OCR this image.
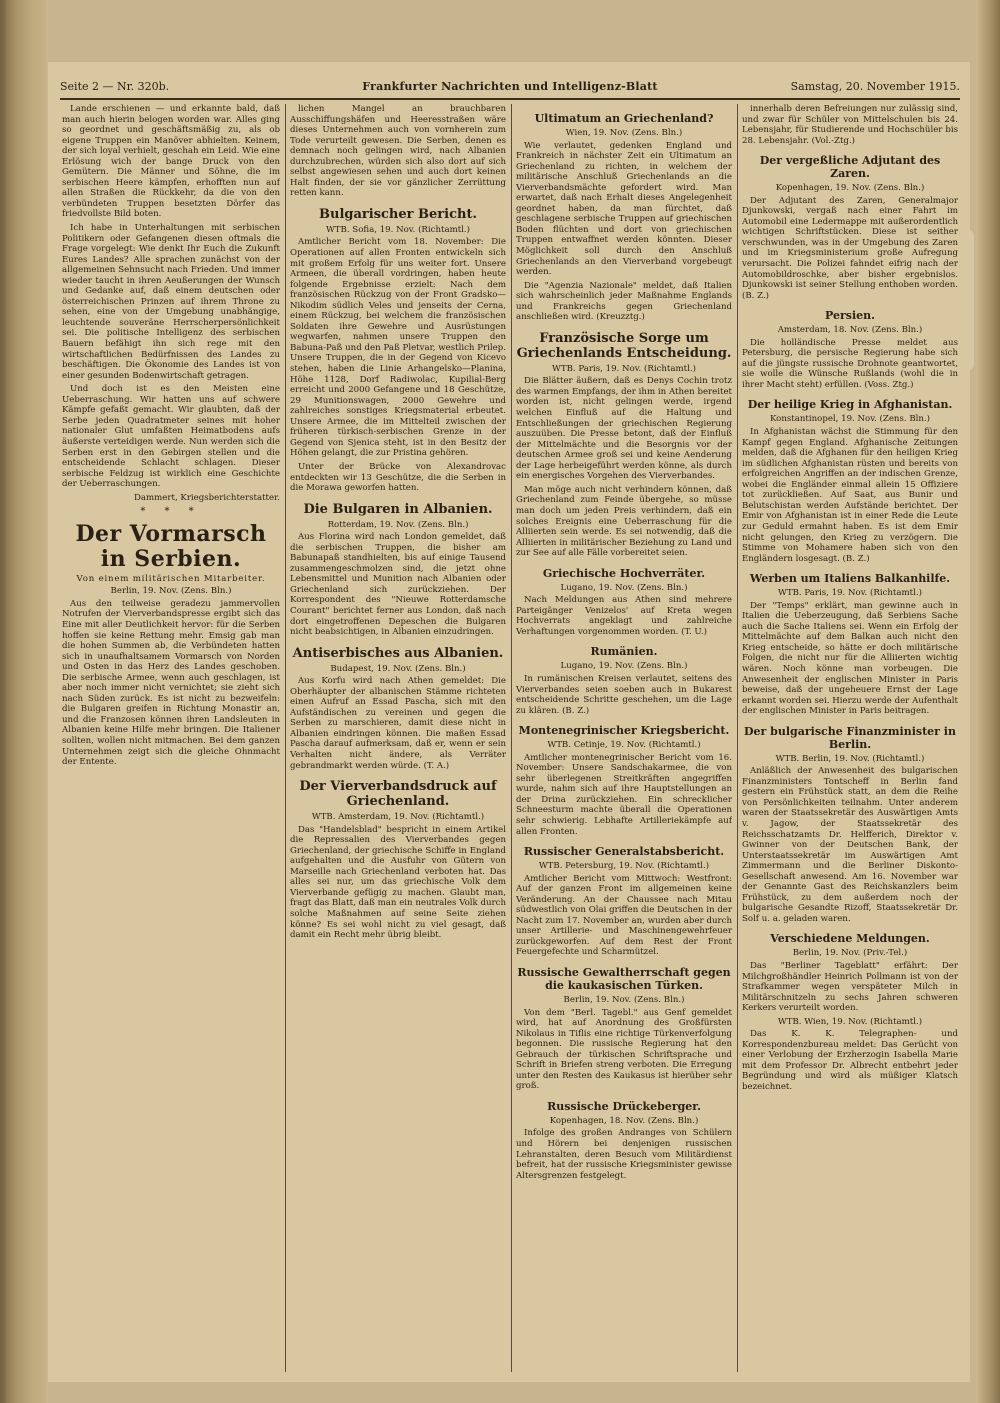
Seite 2 — Nr. 320b.	Frankfurter Nachrichten und Intelligenz-Blatt	Samstag, 20. November 1915.

Lande erschienen — und erkannte bald, daß man auch hierin belogen worden war. Alles ging so geordnet und geschäftsmäßig zu, als ob eigene Truppen ein Manöver abhielten. Keinem, der sich loyal verhielt, geschah ein Leid. Wie eine Erlösung wich der bange Druck von den Gemütern. Die Männer und Söhne, die im serbischen Heere kämpfen, erhofften nun auf allen Straßen die Rückkehr, da die von den verbündeten Truppen besetzten Dörfer das friedvollste Bild boten.

Ich habe in Unterhaltungen mit serbischen Politikern oder Gefangenen diesen oftmals die Frage vorgelegt: Wie denkt Ihr Euch die Zukunft Eures Landes? Alle sprachen zunächst von der allgemeinen Sehnsucht nach Frieden. Und immer wieder taucht in ihren Aeußerungen der Wunsch und Gedanke auf, daß einem deutschen oder österreichischen Prinzen auf ihrem Throne zu sehen, eine von der Umgebung unabhängige, leuchtende souveräne Herrscherpersönlichkeit sei. Die politische Intelligenz des serbischen Bauern befähigt ihn sich rege mit den wirtschaftlichen Bedürfnissen des Landes zu beschäftigen. Die Ökonomie des Landes ist von einer gesunden Bodenwirtschaft getragen.

Und doch ist es den Meisten eine Ueberraschung. Wir hatten uns auf schwere Kämpfe gefaßt gemacht. Wir glaubten, daß der Serbe jeden Quadratmeter seines mit hoher nationaler Glut umfaßten Heimatbodens aufs äußerste verteidigen werde. Nun werden sich die Serben erst in den Gebirgen stellen und die entscheidende Schlacht schlagen. Dieser serbische Feldzug ist wirklich eine Geschichte der Ueberraschungen.

Dammert, Kriegsberichterstatter.
* * *
Der Vormarsch in Serbien.
Von einem militärischen Mitarbeiter.
Berlin, 19. Nov. (Zens. Bln.)

Aus den teilweise geradezu jammervollen Notrufen der Vierverbandspresse ergibt sich das Eine mit aller Deutlichkeit hervor: für die Serben hoffen sie keine Rettung mehr. Emsig gab man die hohen Summen ab, die Verbündeten hatten sich in unaufhaltsamem Vormarsch von Norden und Osten in das Herz des Landes geschoben. Die serbische Armee, wenn auch geschlagen, ist aber noch immer nicht vernichtet; sie zieht sich nach Süden zurück. Es ist nicht zu bezweifeln: die Bulgaren greifen in Richtung Monastir an, und die Franzosen können ihren Landsleuten in Albanien keine Hilfe mehr bringen. Die Italiener sollten, wollen nicht mitmachen. Bei dem ganzen Unternehmen zeigt sich die gleiche Ohnmacht der Entente.

lichen Mangel an brauchbaren Ausschiffungshäfen und Heeresstraßen wäre dieses Unternehmen auch von vornherein zum Tode verurteilt gewesen. Die Serben, denen es demnach noch gelingen wird, nach Albanien durchzubrechen, würden sich also dort auf sich selbst angewiesen sehen und auch dort keinen Halt finden, der sie vor gänzlicher Zerrüttung retten kann.

Bulgarischer Bericht.
WTB. Sofia, 19. Nov. (Richtamtl.)

Amtlicher Bericht vom 18. November: Die Operationen auf allen Fronten entwickeln sich mit großem Erfolg für uns weiter fort. Unsere Armeen, die überall vordringen, haben heute folgende Ergebnisse erzielt: Nach dem französischen Rückzug von der Front Gradsko—Nikodim südlich Veles und jenseits der Cerna, einem Rückzug, bei welchem die französischen Soldaten ihre Gewehre und Ausrüstungen wegwarfen, nahmen unsere Truppen den Babuna-Paß und den Paß Pletvar, westlich Prilep. Unsere Truppen, die in der Gegend von Kicevo stehen, haben die Linie Arhangelsko—Planina, Höhe 1128, Dorf Radiwolac, Kupilial-Berg erreicht und 2000 Gefangene und 18 Geschütze, 29 Munitionswagen, 2000 Gewehre und zahlreiches sonstiges Kriegsmaterial erbeutet. Unsere Armee, die im Mittelteil zwischen der früheren türkisch-serbischen Grenze in der Gegend von Sjenica steht, ist in den Besitz der Höhen gelangt, die zur Pristina gehören.

Unter der Brücke von Alexandrovac entdeckten wir 13 Geschütze, die die Serben in die Morawa geworfen hatten.

Die Bulgaren in Albanien.
Rotterdam, 19. Nov. (Zens. Bln.)

Aus Florina wird nach London gemeldet, daß die serbischen Truppen, die bisher am Babunapaß standhielten, bis auf einige Tausend zusammengeschmolzen sind, die jetzt ohne Lebensmittel und Munition nach Albanien oder Griechenland sich zurückziehen. Der Korrespondent des "Nieuwe Rotterdamsche Courant" berichtet ferner aus London, daß nach dort eingetroffenen Depeschen die Bulgaren nicht beabsichtigen, in Albanien einzudringen.

Antiserbisches aus Albanien.
Budapest, 19. Nov. (Zens. Bln.)

Aus Korfu wird nach Athen gemeldet: Die Oberhäupter der albanischen Stämme richteten einen Aufruf an Essad Pascha, sich mit den Aufständischen zu vereinen und gegen die Serben zu marschieren, damit diese nicht in Albanien eindringen können. Die maßen Essad Pascha darauf aufmerksam, daß er, wenn er sein Verhalten nicht ändere, als Verräter gebrandmarkt werden würde. (T. A.)

Der Vierverbandsdruck auf Griechenland.
WTB. Amsterdam, 19. Nov. (Richtamtl.)

Das "Handelsblad" bespricht in einem Artikel die Repressalien des Vierverbandes gegen Griechenland, der griechische Schiffe in England aufgehalten und die Ausfuhr von Gütern von Marseille nach Griechenland verboten hat. Das alles sei nur, um das griechische Volk dem Vierverbande gefügig zu machen. Glaubt man, fragt das Blatt, daß man ein neutrales Volk durch solche Maßnahmen auf seine Seite ziehen könne? Es sei wohl nicht zu viel gesagt, daß damit ein Recht mehr übrig bleibt.

Ultimatum an Griechenland?
Wien, 19. Nov. (Zens. Bln.)

Wie verlautet, gedenken England und Frankreich in nächster Zeit ein Ultimatum an Griechenland zu richten, in welchem der militärische Anschluß Griechenlands an die Vierverbandsmächte gefordert wird. Man erwartet, daß nach Erhalt dieses Angelegenheit geordnet haben, da man fürchtet, daß geschlagene serbische Truppen auf griechischen Boden flüchten und dort von griechischen Truppen entwaffnet werden könnten. Dieser Möglichkeit soll durch den Anschluß Griechenlands an den Vierverband vorgebeugt werden.

Die "Agenzia Nazionale" meldet, daß Italien sich wahrscheinlich jeder Maßnahme Englands und Frankreichs gegen Griechenland anschließen wird. (Kreuzztg.)

Französische Sorge um Griechenlands Entscheidung.
WTB. Paris, 19. Nov. (Richtamtl.)

Die Blätter äußern, daß es Denys Cochin trotz des warmen Empfangs, der ihm in Athen bereitet worden ist, nicht gelingen werde, irgend welchen Einfluß auf die Haltung und Entschließungen der griechischen Regierung auszuüben. Die Presse betont, daß der Einfluß der Mittelmächte und die Besorgnis vor der deutschen Armee groß sei und keine Aenderung der Lage herbeigeführt werden könne, als durch ein energisches Vorgehen des Vierverbandes.

Man möge auch nicht verhindern können, daß Griechenland zum Feinde übergehe, so müsse man doch um jeden Preis verhindern, daß ein solches Ereignis eine Ueberraschung für die Alliierten sein werde. Es sei notwendig, daß die Alliierten in militärischer Beziehung zu Land und zur See auf alle Fälle vorbereitet seien.

Griechische Hochverräter.
Lugano, 19. Nov. (Zens. Bln.)

Nach Meldungen aus Athen sind mehrere Parteigänger Venizelos' auf Kreta wegen Hochverrats angeklagt und zahlreiche Verhaftungen vorgenommen worden. (T. U.)

Rumänien.
Lugano, 19. Nov. (Zens. Bln.)

In rumänischen Kreisen verlautet, seitens des Vierverbandes seien soeben auch in Bukarest entscheidende Schritte geschehen, um die Lage zu klären. (B. Z.)

Montenegrinischer Kriegsbericht.
WTB. Cetinje, 19. Nov. (Richtamtl.)

Amtlicher montenegrinischer Bericht vom 16. November: Unsere Sandschakarmee, die von sehr überlegenen Streitkräften angegriffen wurde, nahm sich auf ihre Hauptstellungen an der Drina zurückziehen. Ein schrecklicher Schneesturm machte überall die Operationen sehr schwierig. Lebhafte Artilleriekämpfe auf allen Fronten.

Russischer Generalstabsbericht.
WTB. Petersburg, 19. Nov. (Richtamtl.)

Amtlicher Bericht vom Mittwoch: Westfront: Auf der ganzen Front im allgemeinen keine Veränderung. An der Chaussee nach Mitau südwestlich von Olai griffen die Deutschen in der Nacht zum 17. November an, wurden aber durch unser Artillerie- und Maschinengewehrfeuer zurückgeworfen. Auf dem Rest der Front Feuergefechte und Scharmützel.

Russische Gewaltherrschaft gegen die kaukasischen Türken.
Berlin, 19. Nov. (Zens. Bln.)

Von dem "Berl. Tagebl." aus Genf gemeldet wird, hat auf Anordnung des Großfürsten Nikolaus in Tiflis eine richtige Türkenverfolgung begonnen. Die russische Regierung hat den Gebrauch der türkischen Schriftsprache und Schrift in Briefen streng verboten. Die Erregung unter den Resten des Kaukasus ist hierüber sehr groß.

Russische Drückeberger.
Kopenhagen, 18. Nov. (Zens. Bln.)

Infolge des großen Andranges von Schülern und Hörern bei denjenigen russischen Lehranstalten, deren Besuch vom Militärdienst befreit, hat der russische Kriegsminister gewisse Altersgrenzen festgelegt.

innerhalb deren Befreiungen nur zulässig sind, und zwar für Schüler von Mittelschulen bis 24. Lebensjahr, für Studierende und Hochschüler bis 28. Lebensjahr. (Vol.-Ztg.)

Der vergeßliche Adjutant des Zaren.
Kopenhagen, 19. Nov. (Zens. Bln.)

Der Adjutant des Zaren, Generalmajor Djunkowski, vergaß nach einer Fahrt im Automobil eine Ledermappe mit außerordentlich wichtigen Schriftstücken. Diese ist seither verschwunden, was in der Umgebung des Zaren und im Kriegsministerium große Aufregung verursacht. Die Polizei fahndet eifrig nach der Automobildroschke, aber bisher ergebnislos. Djunkowski ist seiner Stellung enthoben worden. (B. Z.)

Persien.
Amsterdam, 18. Nov. (Zens. Bln.)

Die holländische Presse meldet aus Petersburg, die persische Regierung habe sich auf die jüngste russische Drohnote geantwortet, sie wolle die Wünsche Rußlands (wohl die in ihrer Macht steht) erfüllen. (Voss. Ztg.)

Der heilige Krieg in Afghanistan.
Konstantinopel, 19. Nov. (Zens. Bln.)

In Afghanistan wächst die Stimmung für den Kampf gegen England. Afghanische Zeitungen melden, daß die Afghanen für den heiligen Krieg im südlichen Afghanistan rüsten und bereits von erfolgreichen Angriffen an der indischen Grenze, wobei die Engländer einmal allein 15 Offiziere tot zurückließen. Auf Saat, aus Bunir und Belutschistan werden Aufstände berichtet. Der Emir von Afghanistan ist in einer Rede die Leute zur Geduld ermahnt haben. Es ist dem Emir nicht gelungen, den Krieg zu verzögern. Die Stimme von Mohamere haben sich von den Engländern losgesagt. (B. Z.)

Werben um Italiens Balkanhilfe.
WTB. Paris, 19. Nov. (Richtamtl.)

Der "Temps" erklärt, man gewinne auch in Italien die Ueberzeugung, daß Serbiens Sache auch die Sache Italiens sei. Wenn ein Erfolg der Mittelmächte auf dem Balkan auch nicht den Krieg entscheide, so hätte er doch militärische Folgen, die nicht nur für die Alliierten wichtig wären. Noch könne man vorbeugen. Die Anwesenheit der englischen Minister in Paris beweise, daß der ungeheuere Ernst der Lage erkannt worden sei. Hierzu werde der Aufenthalt der englischen Minister in Paris beitragen.

Der bulgarische Finanzminister in Berlin.
WTB. Berlin, 19. Nov. (Richtamtl.)

Anläßlich der Anwesenheit des bulgarischen Finanzministers Tontscheff in Berlin fand gestern ein Frühstück statt, an dem die Reihe von Persönlichkeiten teilnahm. Unter anderem waren der Staatssekretär des Auswärtigen Amts v. Jagow, der Staatssekretär des Reichsschatzamts Dr. Helfferich, Direktor v. Gwinner von der Deutschen Bank, der Unterstaatssekretär im Auswärtigen Amt Zimmermann und die Berliner Diskonto-Gesellschaft anwesend. Am 16. November war der Genannte Gast des Reichskanzlers beim Frühstück, zu dem außerdem noch der bulgarische Gesandte Rizoff, Staatssekretär Dr. Solf u. a. geladen waren.

Verschiedene Meldungen.
Berlin, 19. Nov. (Priv.-Tel.)

Das "Berliner Tageblatt" erfährt: Der Milchgroßhändler Heinrich Pollmann ist von der Strafkammer wegen verspäteter Milch in Militärschnitzeln zu sechs Jahren schweren Kerkers verurteilt worden.

WTB. Wien, 19. Nov. (Richtamtl.)

Das K. K. Telegraphen- und Korrespondenzbureau meldet: Das Gerücht von einer Verlobung der Erzherzogin Isabella Marie mit dem Professor Dr. Albrecht entbehrt jeder Begründung und wird als müßiger Klatsch bezeichnet.
